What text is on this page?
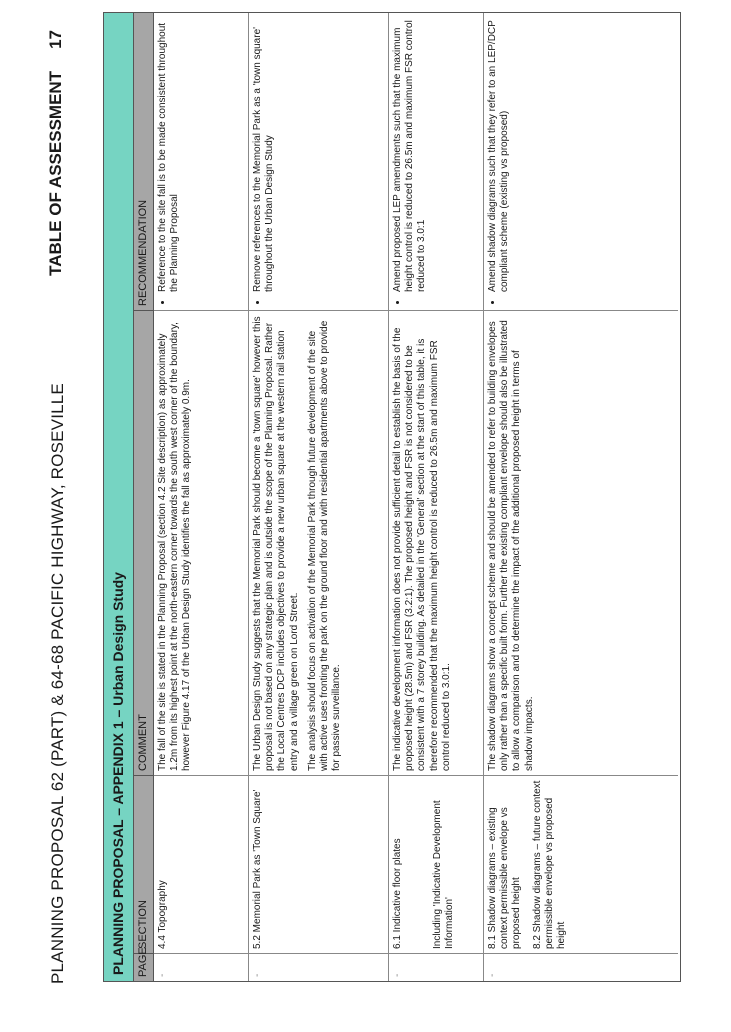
PLANNING PROPOSAL 62 (PART) & 64-68 PACIFIC HIGHWAY, ROSEVILLE
TABLE OF ASSESSMENT17
PLANNING PROPOSAL – APPENDIX 1 – Urban Design Study	PAGE
SECTION
COMMENT
RECOMMENDATION
-

4.4 Topography

The fall of the site is stated in the Planning Proposal (section 4.2 Site description) as approximately 1.2m from its highest point at the north-eastern corner towards the south west corner of the boundary, however Figure 4.17 of the Urban Design Study identifies the fall as approximately 0.9m.

• Reference to the site fall is to be made consistent throughout the Planning Proposal
-

5.2 Memorial Park as 'Town Square'

The Urban Design Study suggests that the Memorial Park should become a 'town square' however this proposal is not based on any strategic plan and is outside the scope of the Planning Proposal. Rather the Local Centres DCP includes objectives to provide a new urban square at the western rail station entry and a village green on Lord Street. The analysis should focus on activation of the Memorial Park through future development of the site with active uses fronting the park on the ground floor and with residential apartments above to provide for passive surveillance.

• Remove references to the Memorial Park as a 'town square' throughout the Urban Design Study
-

6.1 Indicative floor plates	Including 'Indicative Development Information'

The indicative development information does not provide sufficient detail to establish the basis of the proposed height (28.5m) and FSR (3.2:1). The proposed height and FSR is not considered to be consistent with a 7 storey building. As detailed in the 'General' section at the start of this table, it is therefore recommended that the maximum height control is reduced to 26.5m and maximum FSR control reduced to 3.0:1.

• Amend proposed LEP amendments such that the maximum height control is reduced to 26.5m and maximum FSR control reduced to 3.0:1
-

8.1 Shadow diagrams – existing context permissible envelope vs proposed height 8.2 Shadow diagrams – future context permissible envelope vs proposed height

The shadow diagrams show a concept scheme and should be amended to refer to building envelopes only rather than a specific built form. Further the existing compliant envelope should also be illustrated to allow a comparison and to determine the impact of the additional proposed height in terms of shadow impacts.

• Amend shadow diagrams such that they refer to an LEP/DCP compliant scheme (existing vs proposed)
